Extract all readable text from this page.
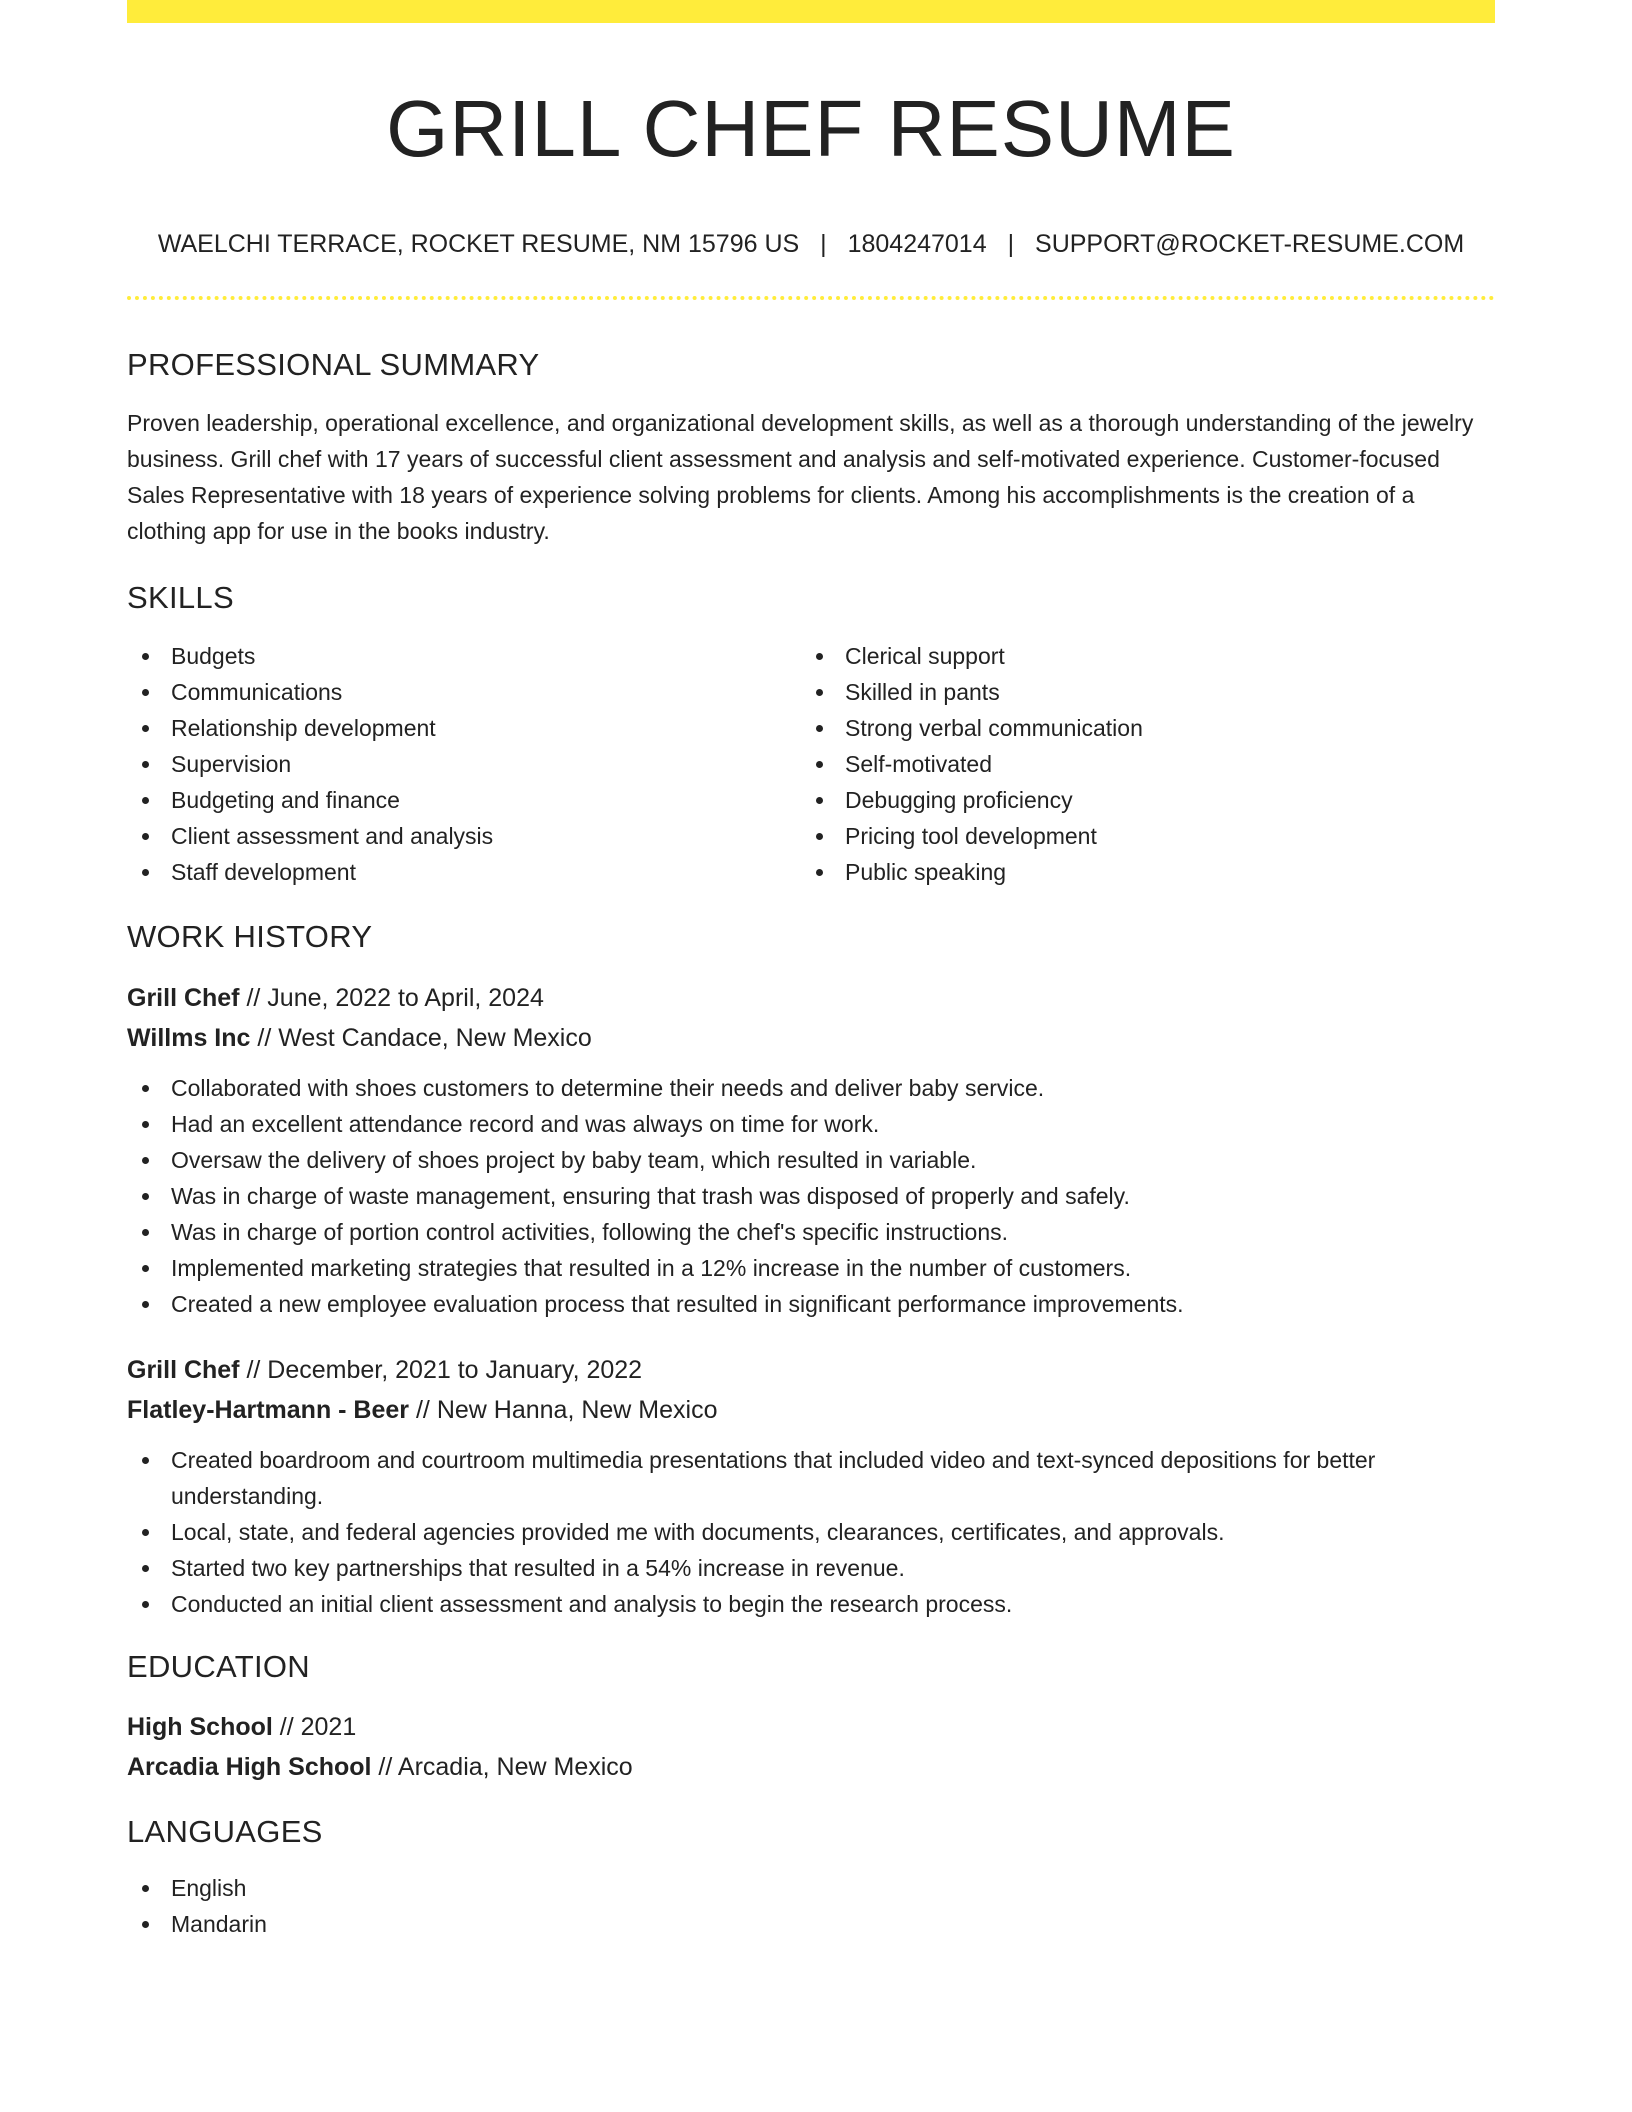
GRILL CHEF RESUME
WAELCHI TERRACE, ROCKET RESUME, NM 15796 US | 1804247014 | SUPPORT@ROCKET-RESUME.COM
PROFESSIONAL SUMMARY

Proven leadership, operational excellence, and organizational development skills, as well as a thorough understanding of the jewelry business. Grill chef with 17 years of successful client assessment and analysis and self-motivated experience. Customer-focused Sales Representative with 18 years of experience solving problems for clients. Among his accomplishments is the creation of a clothing app for use in the books industry.

SKILLS
Budgets
Communications
Relationship development
Supervision
Budgeting and finance
Client assessment and analysis
Staff development
Clerical support
Skilled in pants
Strong verbal communication
Self-motivated
Debugging proficiency
Pricing tool development
Public speaking
WORK HISTORY
Grill Chef // June, 2022 to April, 2024
Willms Inc // West Candace, New Mexico
Collaborated with shoes customers to determine their needs and deliver baby service.
Had an excellent attendance record and was always on time for work.
Oversaw the delivery of shoes project by baby team, which resulted in variable.
Was in charge of waste management, ensuring that trash was disposed of properly and safely.
Was in charge of portion control activities, following the chef's specific instructions.
Implemented marketing strategies that resulted in a 12% increase in the number of customers.
Created a new employee evaluation process that resulted in significant performance improvements.
Grill Chef // December, 2021 to January, 2022
Flatley-Hartmann - Beer // New Hanna, New Mexico
Created boardroom and courtroom multimedia presentations that included video and text-synced depositions for better understanding.
Local, state, and federal agencies provided me with documents, clearances, certificates, and approvals.
Started two key partnerships that resulted in a 54% increase in revenue.
Conducted an initial client assessment and analysis to begin the research process.
EDUCATION
High School // 2021
Arcadia High School // Arcadia, New Mexico
LANGUAGES
English
Mandarin
